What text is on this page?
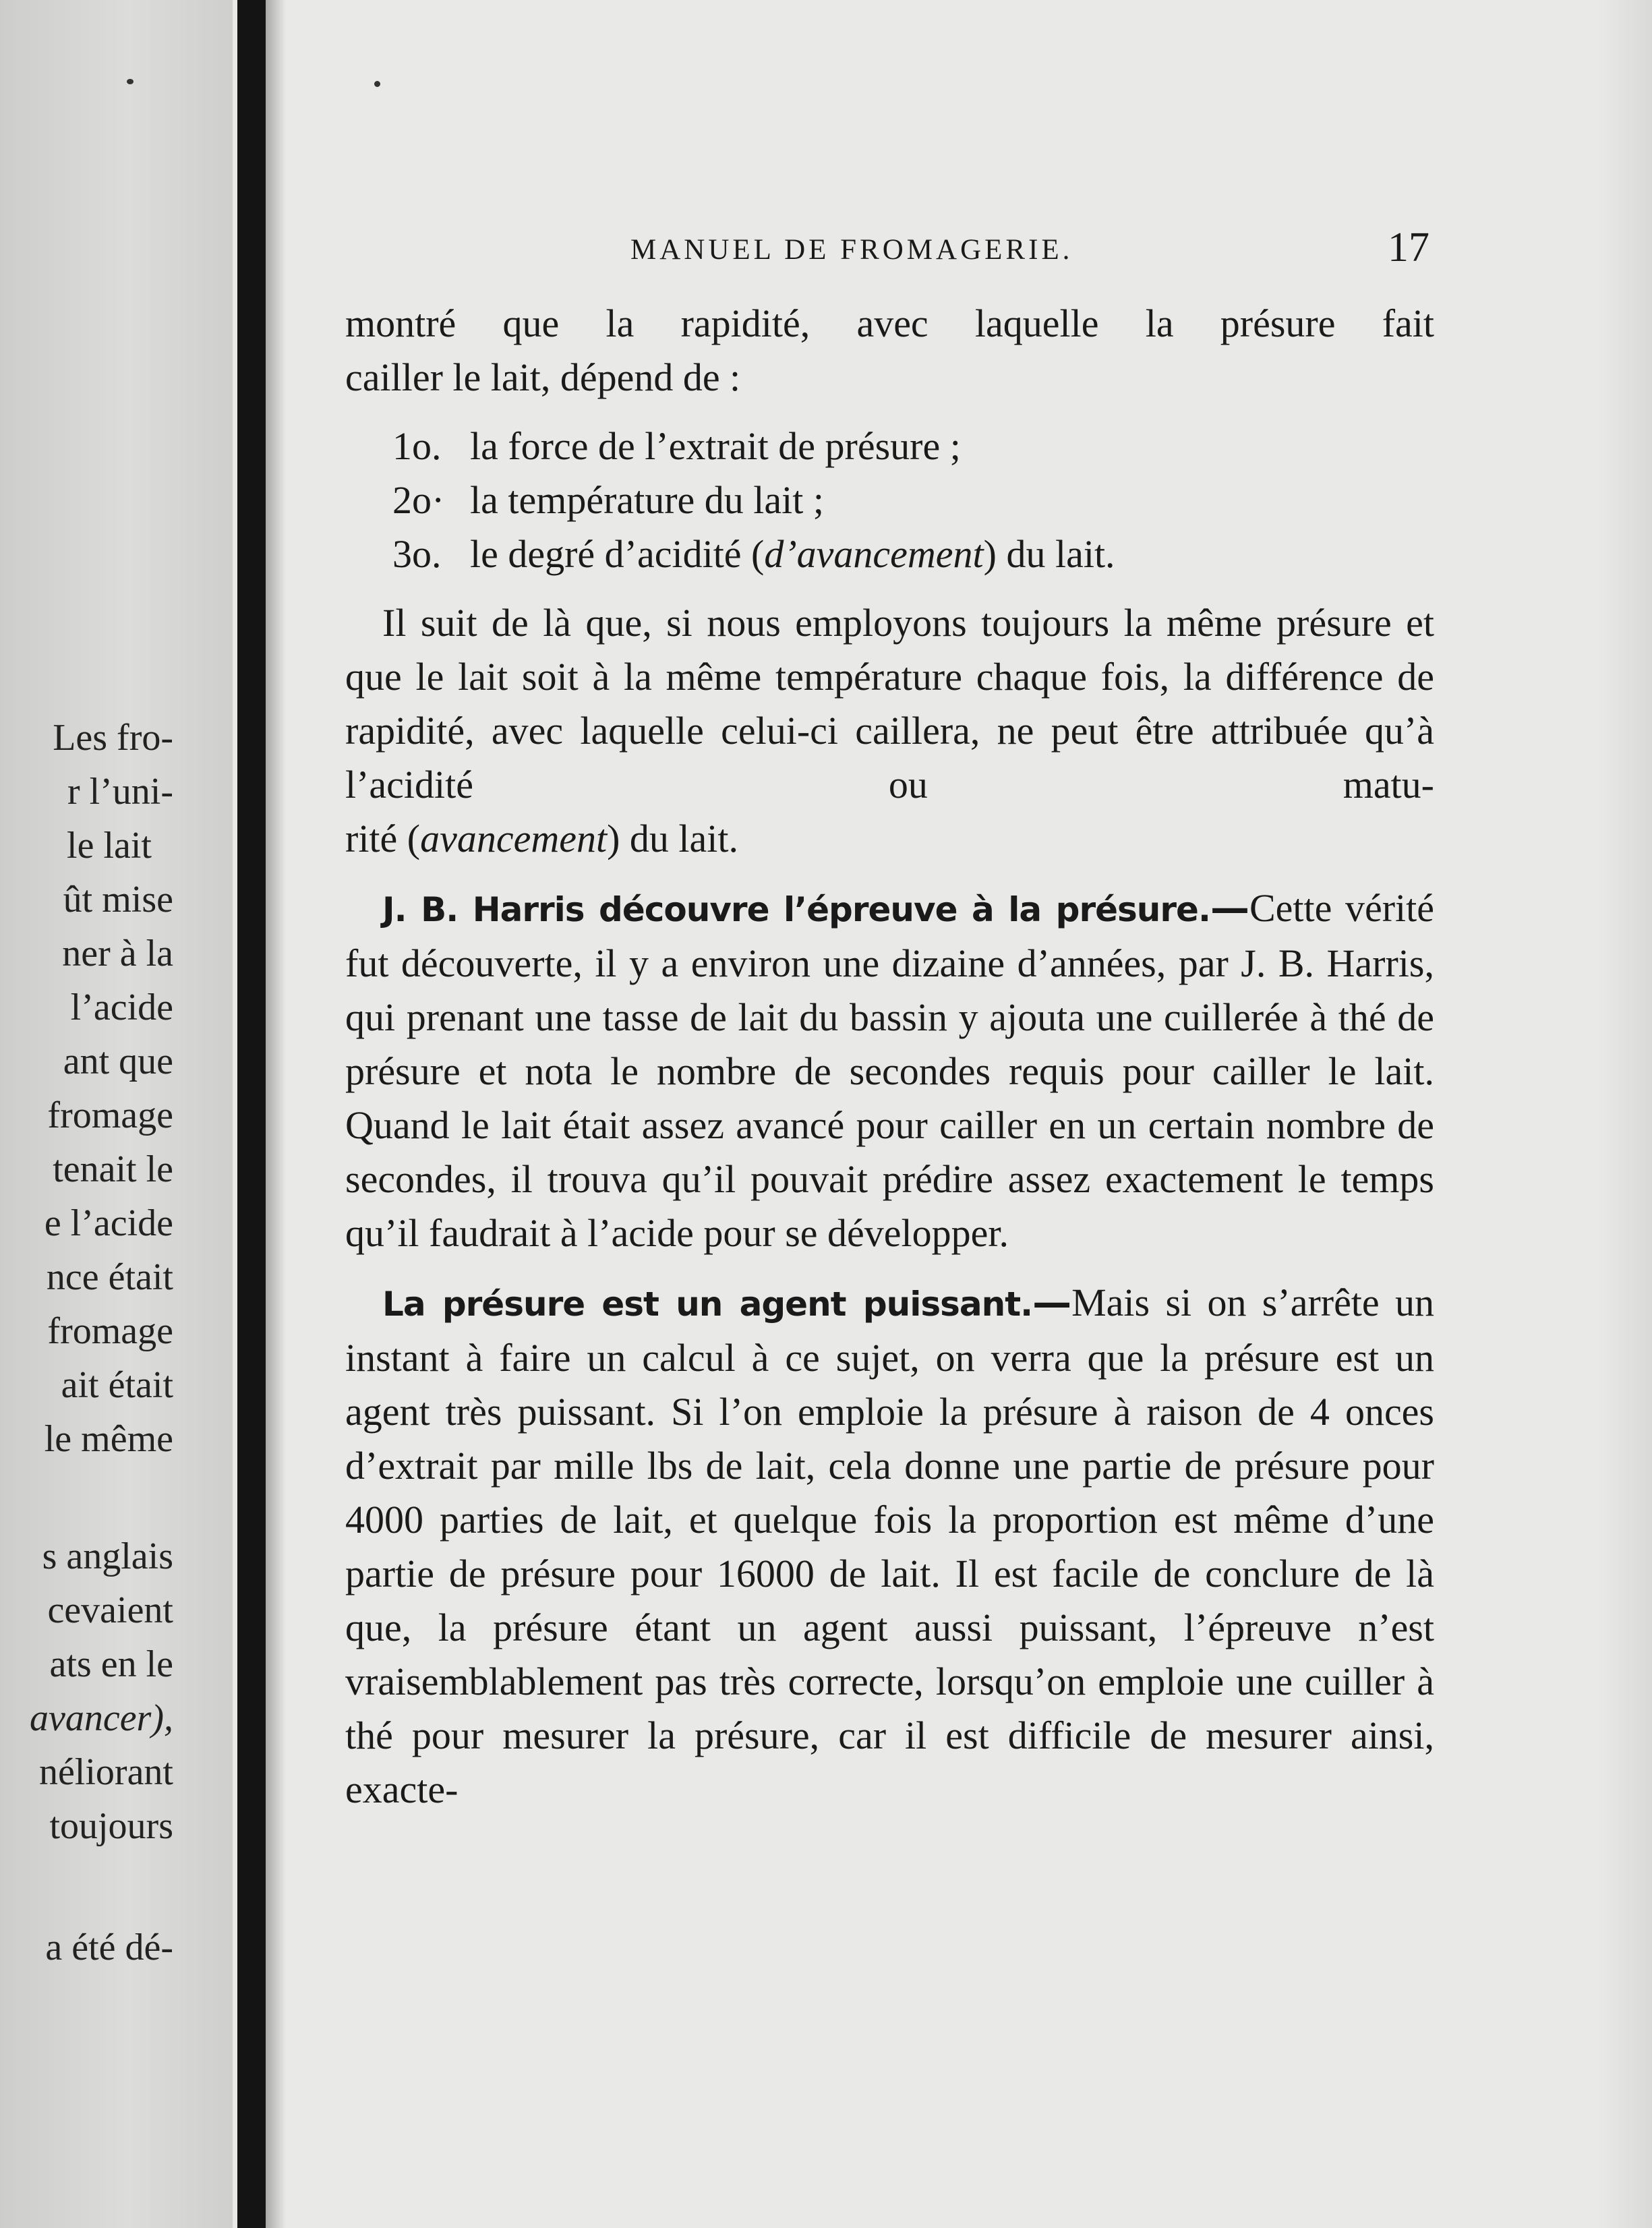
Les fro-
r l’uni-
le lait
ût mise
ner à la
l’acide
ant que
fromage
tenait le
e l’acide
nce était
fromage
ait était
le même
s anglais
cevaient
ats en le
avancer),
néliorant
toujours
a été dé-
MANUEL DE FROMAGERIE.	17

montré que la rapidité, avec laquelle la présure fait

cailler le lait, dépend de :

1o. la force de l’extrait de présure ;
2o· la température du lait ;
3o. le degré d’acidité (d’avancement) du lait.

Il suit de là que, si nous employons toujours la même présure et que le lait soit à la même température chaque fois, la différence de rapidité, avec laquelle celui-ci caillera, ne peut être attribuée qu’à l’acidité ou matu-

rité (avancement) du lait.

J. B. Harris découvre l’épreuve à la présure.—Cette vérité fut découverte, il y a environ une dizaine d’années, par J. B. Harris, qui prenant une tasse de lait du bassin y ajouta une cuillerée à thé de présure et nota le nombre de secondes requis pour cailler le lait. Quand le lait était assez avancé pour cailler en un certain nombre de secondes, il trouva qu’il pouvait prédire assez exactement le temps qu’il faudrait à l’acide pour se développer.

La présure est un agent puissant.—Mais si on s’arrête un instant à faire un calcul à ce sujet, on verra que la présure est un agent très puissant. Si l’on emploie la présure à raison de 4 onces d’extrait par mille lbs de lait, cela donne une partie de présure pour 4000 parties de lait, et quelque fois la proportion est même d’une partie de présure pour 16000 de lait. Il est facile de conclure de là que, la présure étant un agent aussi puissant, l’épreuve n’est vraisemblablement pas très correcte, lorsqu’on emploie une cuiller à thé pour mesurer la présure, car il est difficile de mesurer ainsi, exacte-
